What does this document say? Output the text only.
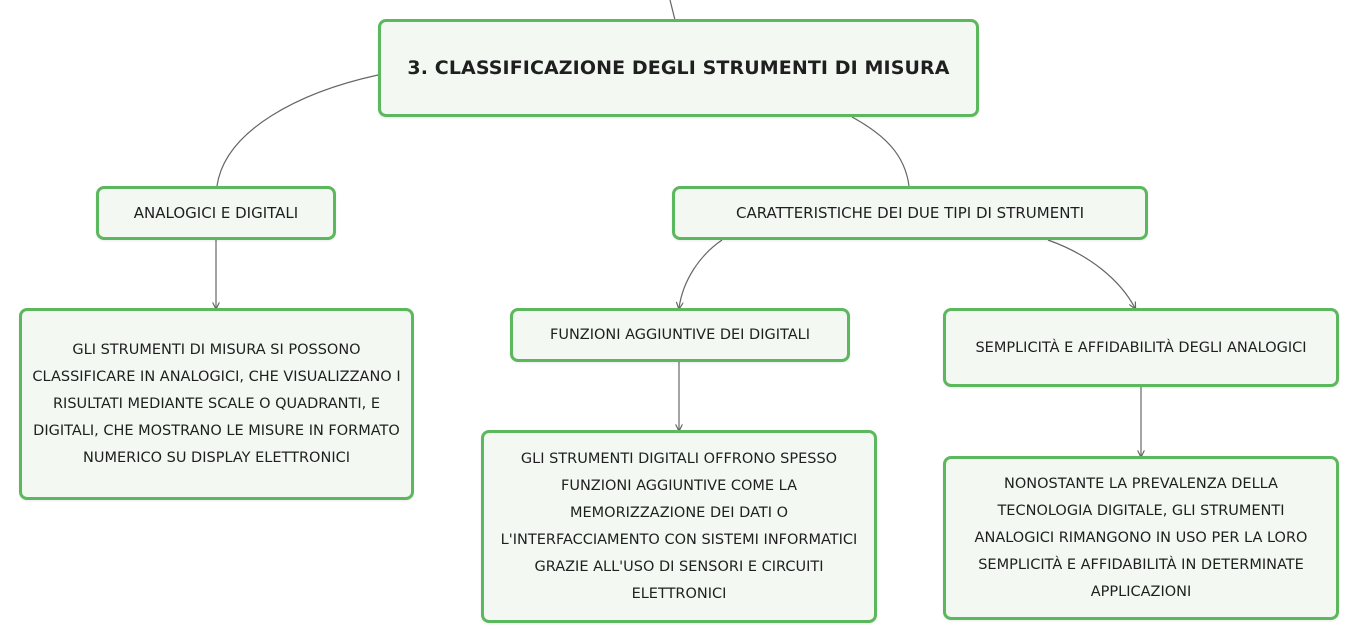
3. CLASSIFICAZIONE DEGLI STRUMENTI DI MISURA
ANALOGICI E DIGITALI	CARATTERISTICHE DEI DUE TIPI DI STRUMENTI
GLI STRUMENTI DI MISURA SI POSSONO CLASSIFICARE IN ANALOGICI, CHE VISUALIZZANO I RISULTATI MEDIANTE SCALE O QUADRANTI, E DIGITALI, CHE MOSTRANO LE MISURE IN FORMATO NUMERICO SU DISPLAY ELETTRONICI
FUNZIONI AGGIUNTIVE DEI DIGITALI
SEMPLICITÀ E AFFIDABILITÀ DEGLI ANALOGICI
GLI STRUMENTI DIGITALI OFFRONO SPESSO FUNZIONI AGGIUNTIVE COME LA MEMORIZZAZIONE DEI DATI O L'INTERFACCIAMENTO CON SISTEMI INFORMATICI GRAZIE ALL'USO DI SENSORI E CIRCUITI ELETTRONICI
NONOSTANTE LA PREVALENZA DELLA TECNOLOGIA DIGITALE, GLI STRUMENTI ANALOGICI RIMANGONO IN USO PER LA LORO SEMPLICITÀ E AFFIDABILITÀ IN DETERMINATE APPLICAZIONI
